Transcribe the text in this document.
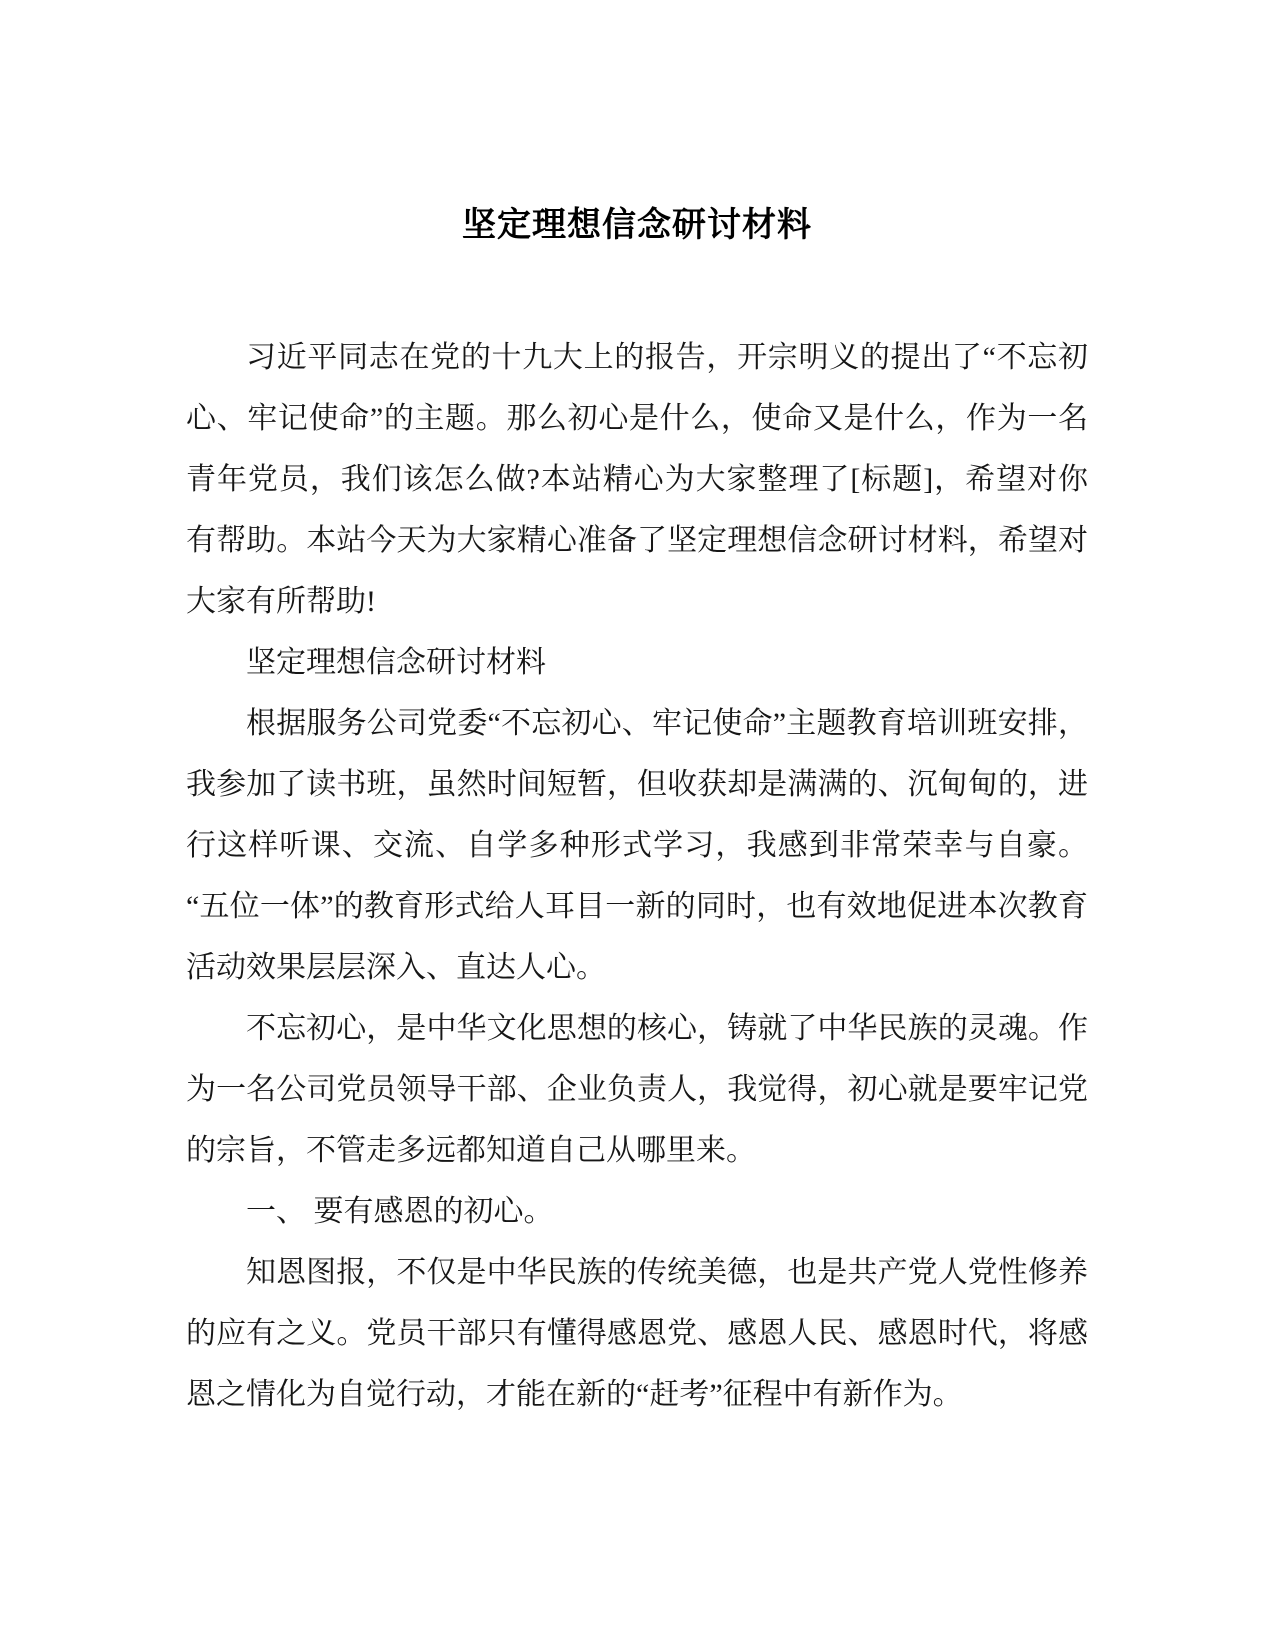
坚定理想信念研讨材料

习近平同志在党的十九大上的报告，开宗明义的提出了“不忘初心、牢记使命”的主题。那么初心是什么，使命又是什么，作为一名青年党员，我们该怎么做?本站精心为大家整理了[标题]，希望对你有帮助。本站今天为大家精心准备了坚定理想信念研讨材料，希望对大家有所帮助!

坚定理想信念研讨材料

根据服务公司党委“不忘初心、牢记使命”主题教育培训班安排，我参加了读书班，虽然时间短暂，但收获却是满满的、沉甸甸的，进行这样听课、交流、自学多种形式学习，我感到非常荣幸与自豪。“五位一体”的教育形式给人耳目一新的同时，也有效地促进本次教育活动效果层层深入、直达人心。

不忘初心，是中华文化思想的核心，铸就了中华民族的灵魂。作为一名公司党员领导干部、企业负责人，我觉得，初心就是要牢记党的宗旨，不管走多远都知道自己从哪里来。

一、 要有感恩的初心。

知恩图报，不仅是中华民族的传统美德，也是共产党人党性修养的应有之义。党员干部只有懂得感恩党、感恩人民、感恩时代，将感恩之情化为自觉行动，才能在新的“赶考”征程中有新作为。
